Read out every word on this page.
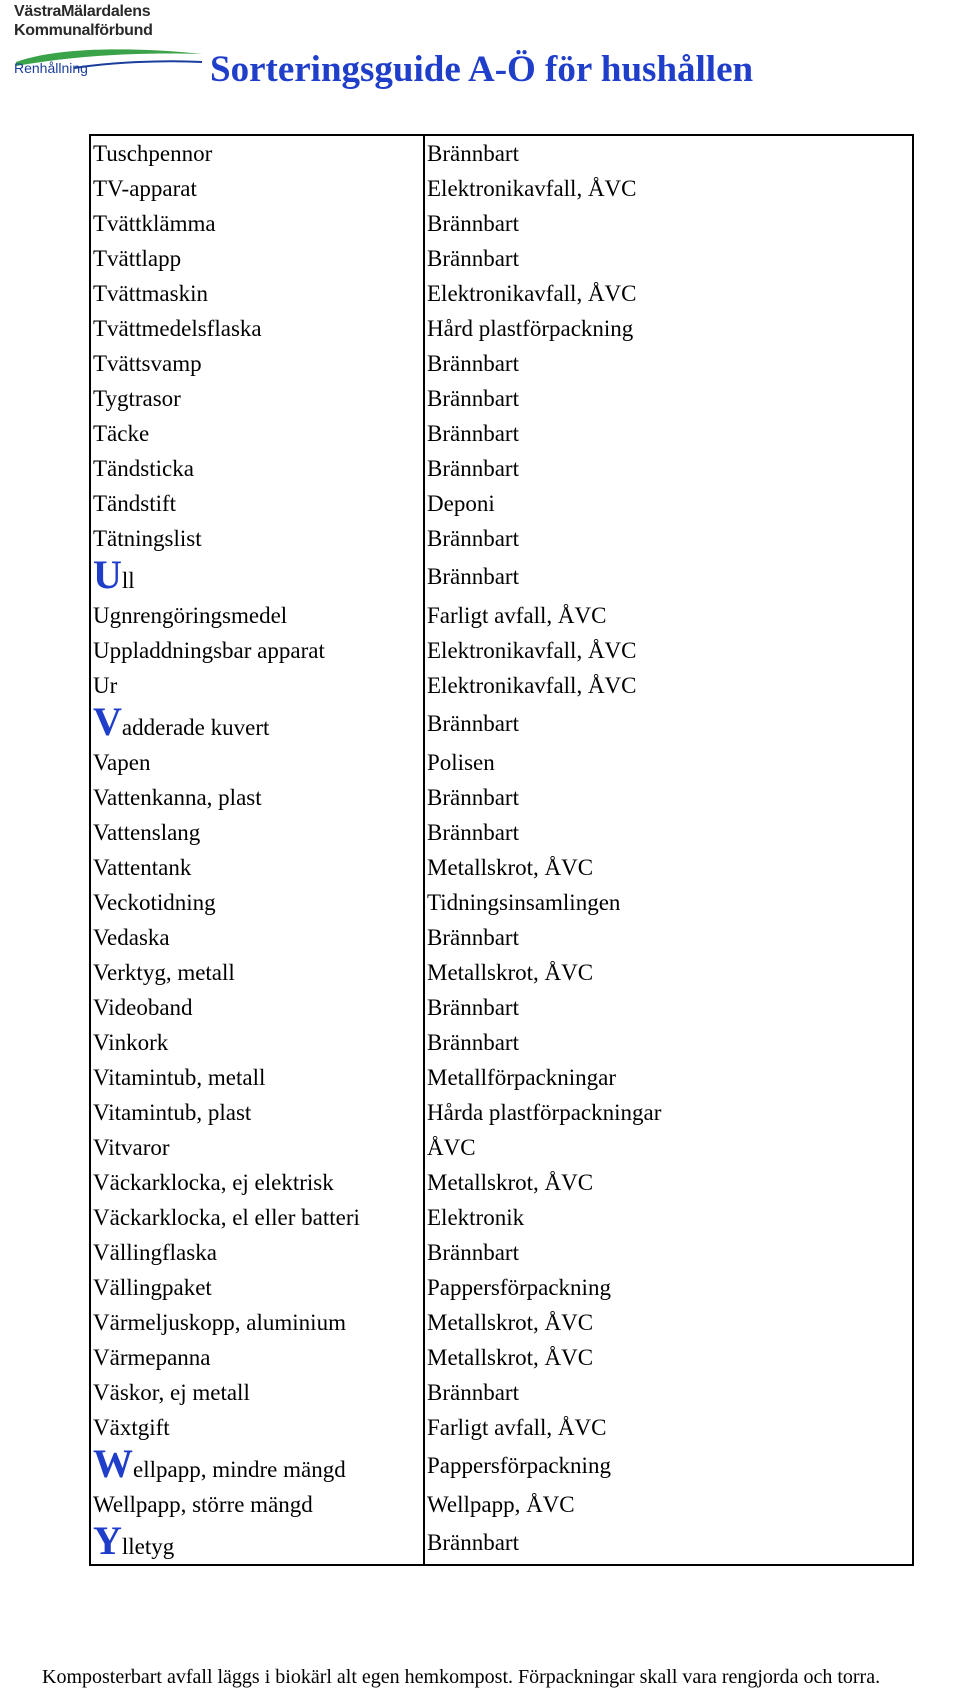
VästraMälardalens
Kommunalförbund
Renhållning	Sorteringsguide A-Ö för hushållen
Tuschpennor	Brännbart
TV-apparat	Elektronikavfall, ÅVC
Tvättklämma	Brännbart
Tvättlapp	Brännbart
Tvättmaskin	Elektronikavfall, ÅVC
Tvättmedelsflaska	Hård plastförpackning
Tvättsvamp	Brännbart
Tygtrasor	Brännbart
Täcke	Brännbart
Tändsticka	Brännbart
Tändstift	Deponi
Tätningslist	Brännbart
Ull	Brännbart
Ugnrengöringsmedel	Farligt avfall, ÅVC
Uppladdningsbar apparat	Elektronikavfall, ÅVC
Ur	Elektronikavfall, ÅVC
Vadderade kuvert	Brännbart
Vapen	Polisen
Vattenkanna, plast	Brännbart
Vattenslang	Brännbart
Vattentank	Metallskrot, ÅVC
Veckotidning	Tidningsinsamlingen
Vedaska	Brännbart
Verktyg, metall	Metallskrot, ÅVC
Videoband	Brännbart
Vinkork	Brännbart
Vitamintub, metall	Metallförpackningar
Vitamintub, plast	Hårda plastförpackningar
Vitvaror	ÅVC
Väckarklocka, ej elektrisk	Metallskrot, ÅVC
Väckarklocka, el eller batteri	Elektronik
Vällingflaska	Brännbart
Vällingpaket	Pappersförpackning
Värmeljuskopp, aluminium	Metallskrot, ÅVC
Värmepanna	Metallskrot, ÅVC
Väskor, ej metall	Brännbart
Växtgift	Farligt avfall, ÅVC
Wellpapp, mindre mängd	Pappersförpackning
Wellpapp, större mängd	Wellpapp, ÅVC
Ylletyg	Brännbart
Komposterbart avfall läggs i biokärl alt egen hemkompost. Förpackningar skall vara rengjorda och torra.
